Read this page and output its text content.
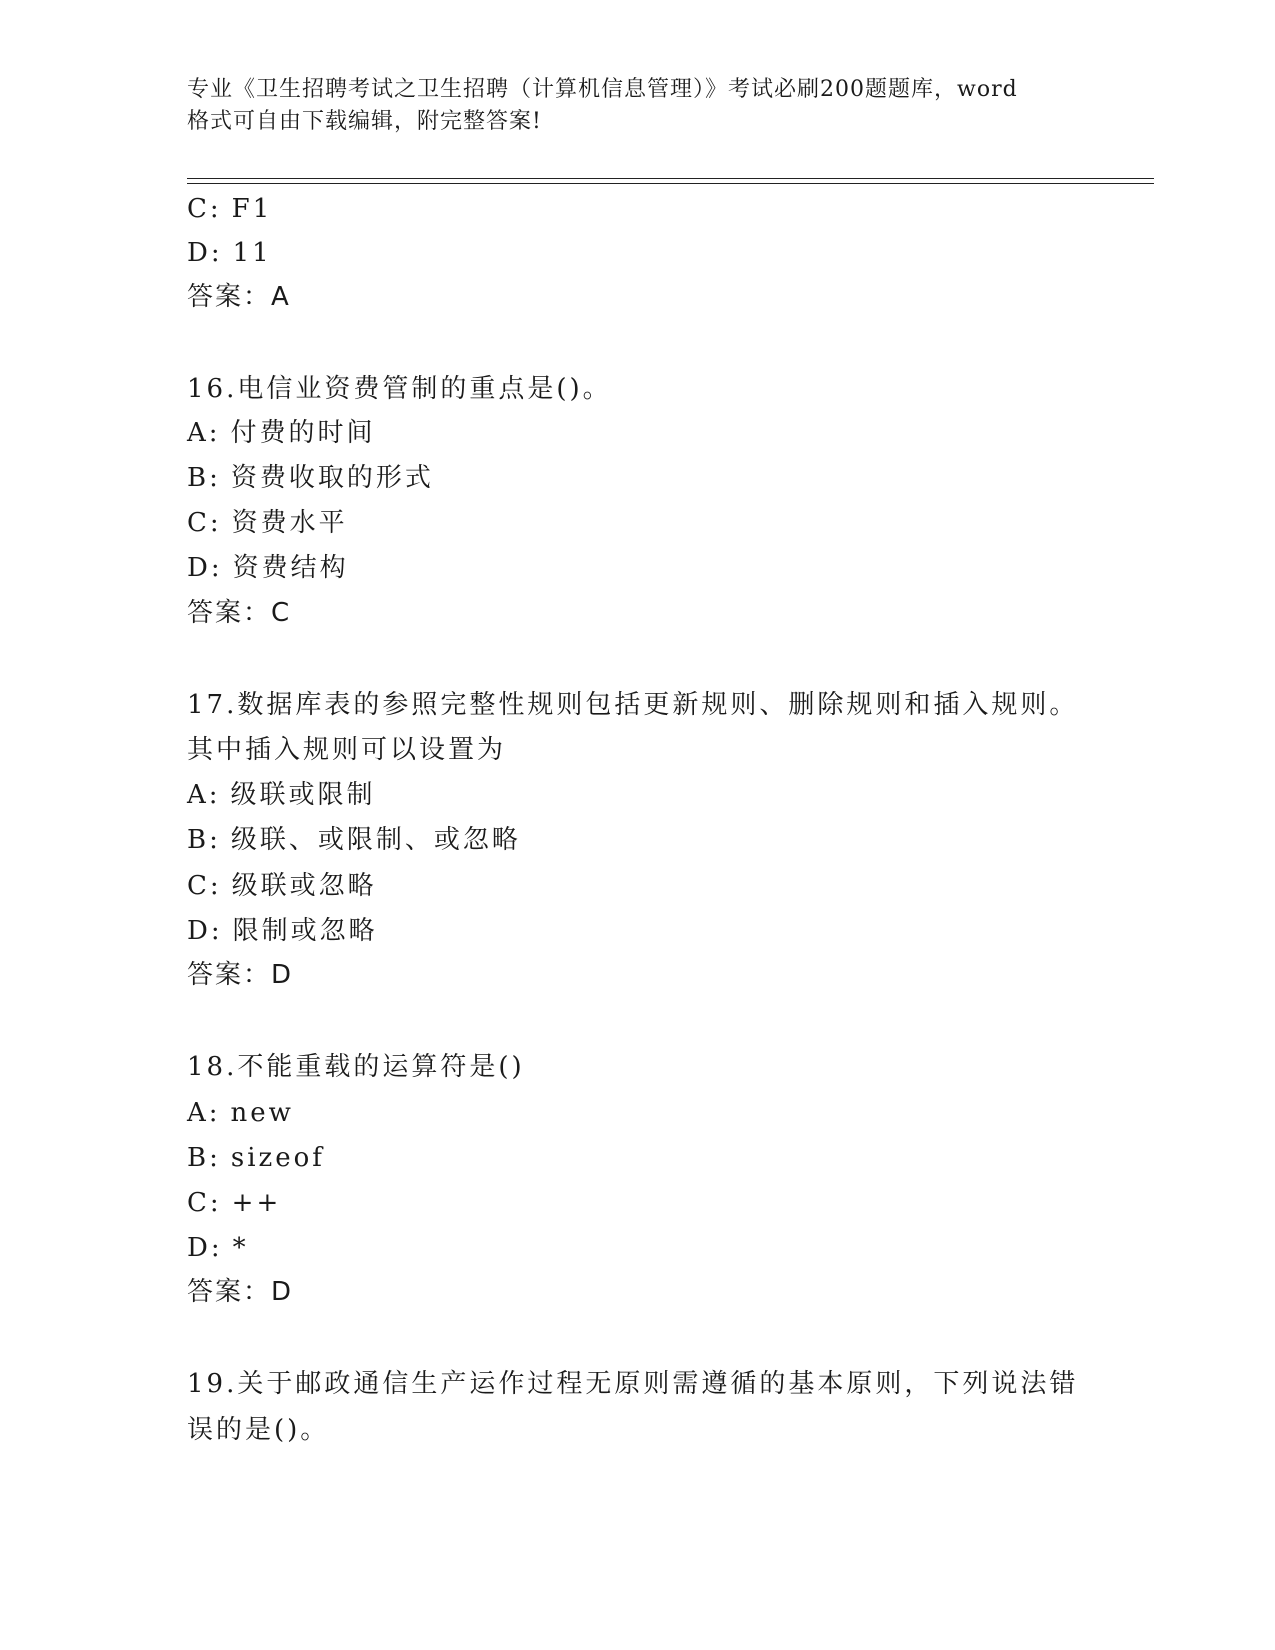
专业《卫生招聘考试之卫生招聘（计算机信息管理）》考试必刷200题题库，word
格式可自由下载编辑，附完整答案!
C: F1
D: 11
答案：A
16.电信业资费管制的重点是()。
A: 付费的时间
B: 资费收取的形式
C: 资费水平
D: 资费结构
答案：C
17.数据库表的参照完整性规则包括更新规则、删除规则和插入规则。
其中插入规则可以设置为
A: 级联或限制
B: 级联、或限制、或忽略
C: 级联或忽略
D: 限制或忽略
答案：D
18.不能重载的运算符是()
A: new
B: sizeof
C: ++
D: *
答案：D
19.关于邮政通信生产运作过程无原则需遵循的基本原则，下列说法错
误的是()。
